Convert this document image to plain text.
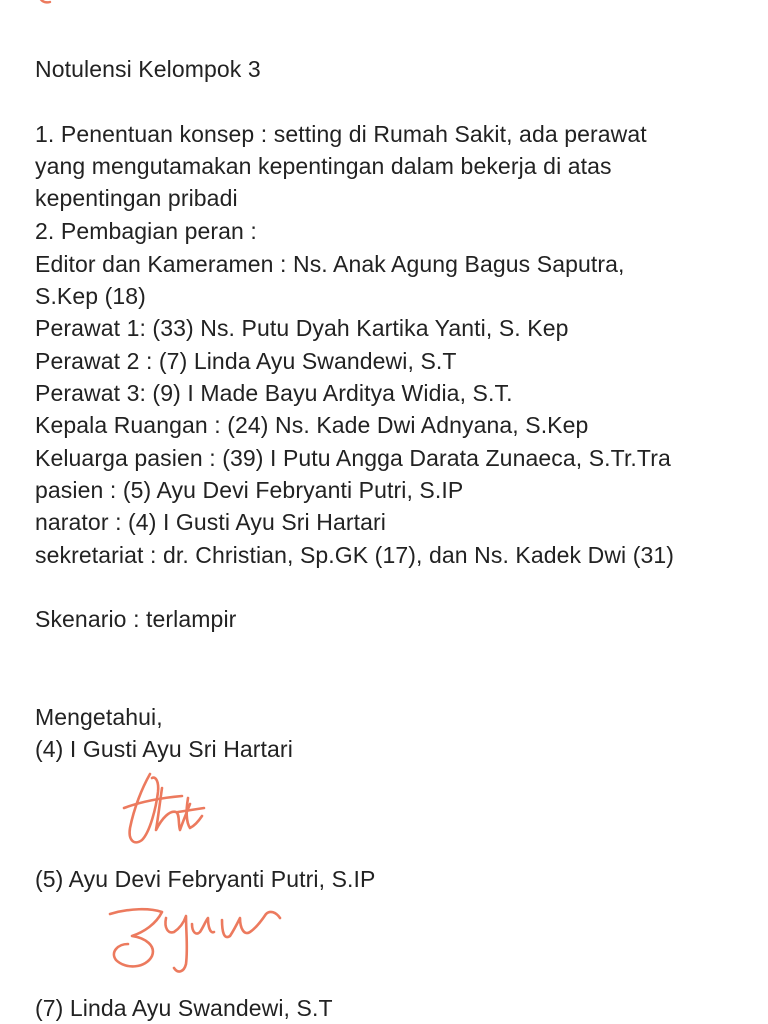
Notulensi Kelompok 3
1. Penentuan konsep : setting di Rumah Sakit, ada perawat
yang mengutamakan kepentingan dalam bekerja di atas
kepentingan pribadi
2. Pembagian peran :
Editor dan Kameramen : Ns. Anak Agung Bagus Saputra,
S.Kep (18)
Perawat 1: (33) Ns. Putu Dyah Kartika Yanti, S. Kep
Perawat 2 : (7) Linda Ayu Swandewi, S.T
Perawat 3: (9) I Made Bayu Arditya Widia, S.T.
Kepala Ruangan : (24) Ns. Kade Dwi Adnyana, S.Kep
Keluarga pasien : (39) I Putu Angga Darata Zunaeca, S.Tr.Tra
pasien : (5) Ayu Devi Febryanti Putri, S.IP
narator : (4) I Gusti Ayu Sri Hartari
sekretariat : dr. Christian, Sp.GK (17), dan Ns. Kadek Dwi (31)
Skenario : terlampir
Mengetahui,
(4) I Gusti Ayu Sri Hartari
(5) Ayu Devi Febryanti Putri, S.IP
(7) Linda Ayu Swandewi, S.T
